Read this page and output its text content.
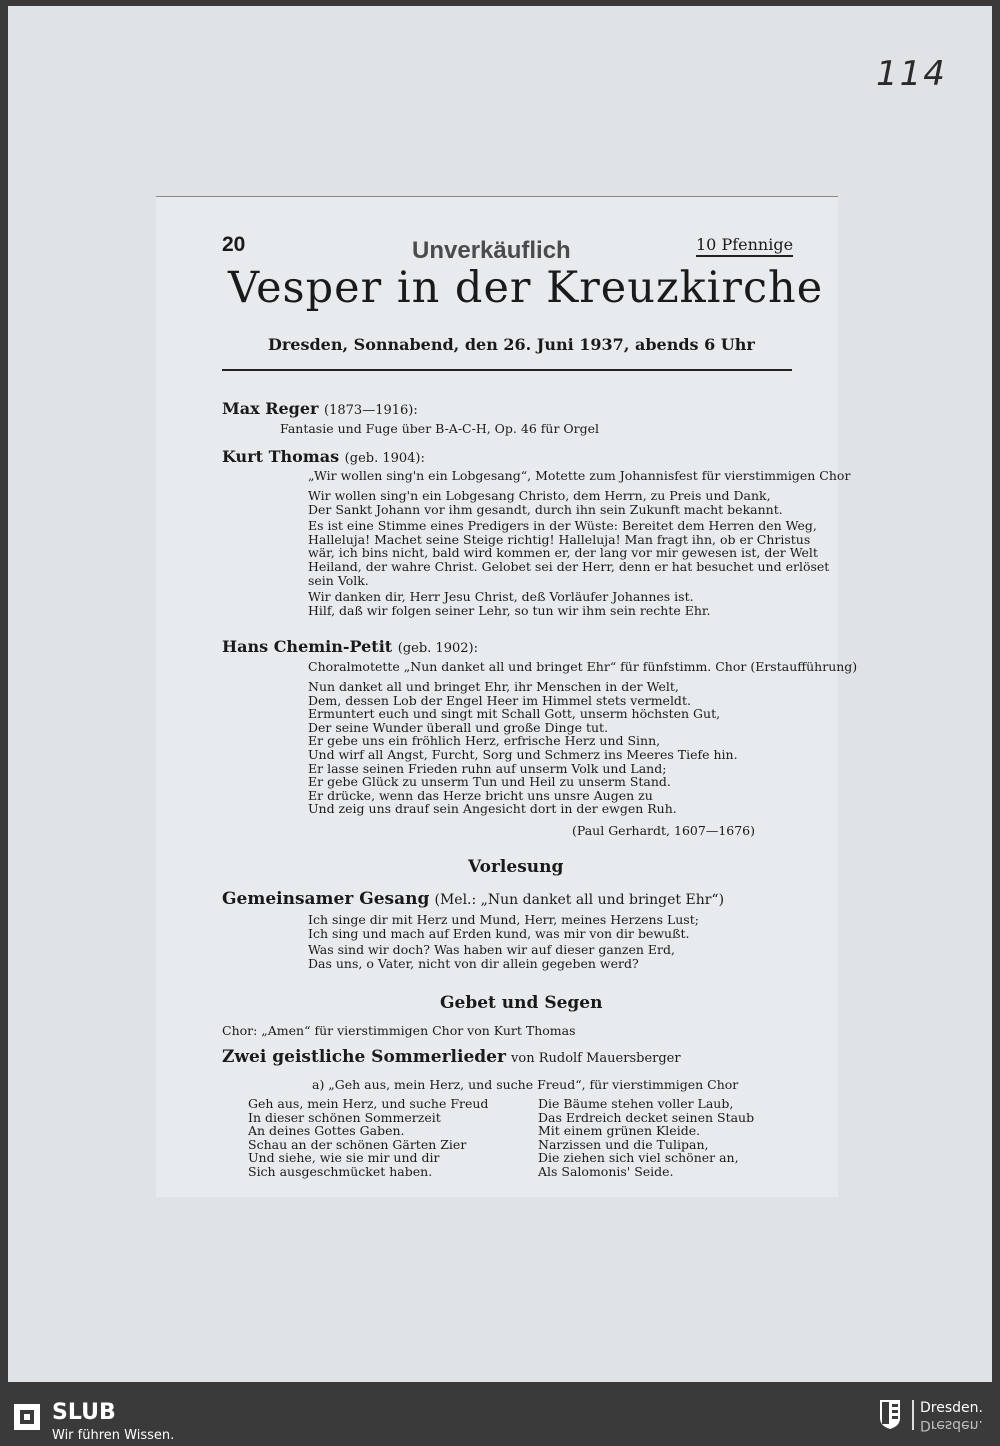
114
20	Unverkäuflich	10 Pfennige
Vesper in der Kreuzkirche
Dresden, Sonnabend, den 26. Juni 1937, abends 6 Uhr
Max Reger (1873—1916):
Fantasie und Fuge über B-A-C-H, Op. 46 für Orgel
Kurt Thomas (geb. 1904):
„Wir wollen sing'n ein Lobgesang“, Motette zum Johannisfest für vierstimmigen Chor
Wir wollen sing'n ein Lobgesang Christo, dem Herrn, zu Preis und Dank,
Der Sankt Johann vor ihm gesandt, durch ihn sein Zukunft macht bekannt.
Es ist eine Stimme eines Predigers in der Wüste: Bereitet dem Herren den Weg,
Halleluja! Machet seine Steige richtig! Halleluja! Man fragt ihn, ob er Christus
wär, ich bins nicht, bald wird kommen er, der lang vor mir gewesen ist, der Welt
Heiland, der wahre Christ. Gelobet sei der Herr, denn er hat besuchet und erlöset
sein Volk.
Wir danken dir, Herr Jesu Christ, deß Vorläufer Johannes ist.
Hilf, daß wir folgen seiner Lehr, so tun wir ihm sein rechte Ehr.
Hans Chemin-Petit (geb. 1902):
Choralmotette „Nun danket all und bringet Ehr“ für fünfstimm. Chor (Erstaufführung)
Nun danket all und bringet Ehr, ihr Menschen in der Welt,
Dem, dessen Lob der Engel Heer im Himmel stets vermeldt.
Ermuntert euch und singt mit Schall Gott, unserm höchsten Gut,
Der seine Wunder überall und große Dinge tut.
Er gebe uns ein fröhlich Herz, erfrische Herz und Sinn,
Und wirf all Angst, Furcht, Sorg und Schmerz ins Meeres Tiefe hin.
Er lasse seinen Frieden ruhn auf unserm Volk und Land;
Er gebe Glück zu unserm Tun und Heil zu unserm Stand.
Er drücke, wenn das Herze bricht uns unsre Augen zu
Und zeig uns drauf sein Angesicht dort in der ewgen Ruh.
(Paul Gerhardt, 1607—1676)
Vorlesung
Gemeinsamer Gesang (Mel.: „Nun danket all und bringet Ehr“)
Ich singe dir mit Herz und Mund, Herr, meines Herzens Lust;
Ich sing und mach auf Erden kund, was mir von dir bewußt.
Was sind wir doch? Was haben wir auf dieser ganzen Erd,
Das uns, o Vater, nicht von dir allein gegeben werd?
Gebet und Segen
Chor: „Amen“ für vierstimmigen Chor von Kurt Thomas
Zwei geistliche Sommerlieder von Rudolf Mauersberger
a) „Geh aus, mein Herz, und suche Freud“, für vierstimmigen Chor
Geh aus, mein Herz, und suche Freud
In dieser schönen Sommerzeit
An deines Gottes Gaben.
Schau an der schönen Gärten Zier
Und siehe, wie sie mir und dir
Sich ausgeschmücket haben.
Die Bäume stehen voller Laub,
Das Erdreich decket seinen Staub
Mit einem grünen Kleide.
Narzissen und die Tulipan,
Die ziehen sich viel schöner an,
Als Salomonis' Seide.
SLUB
Wir führen Wissen.
Dresden.
Dresden.
